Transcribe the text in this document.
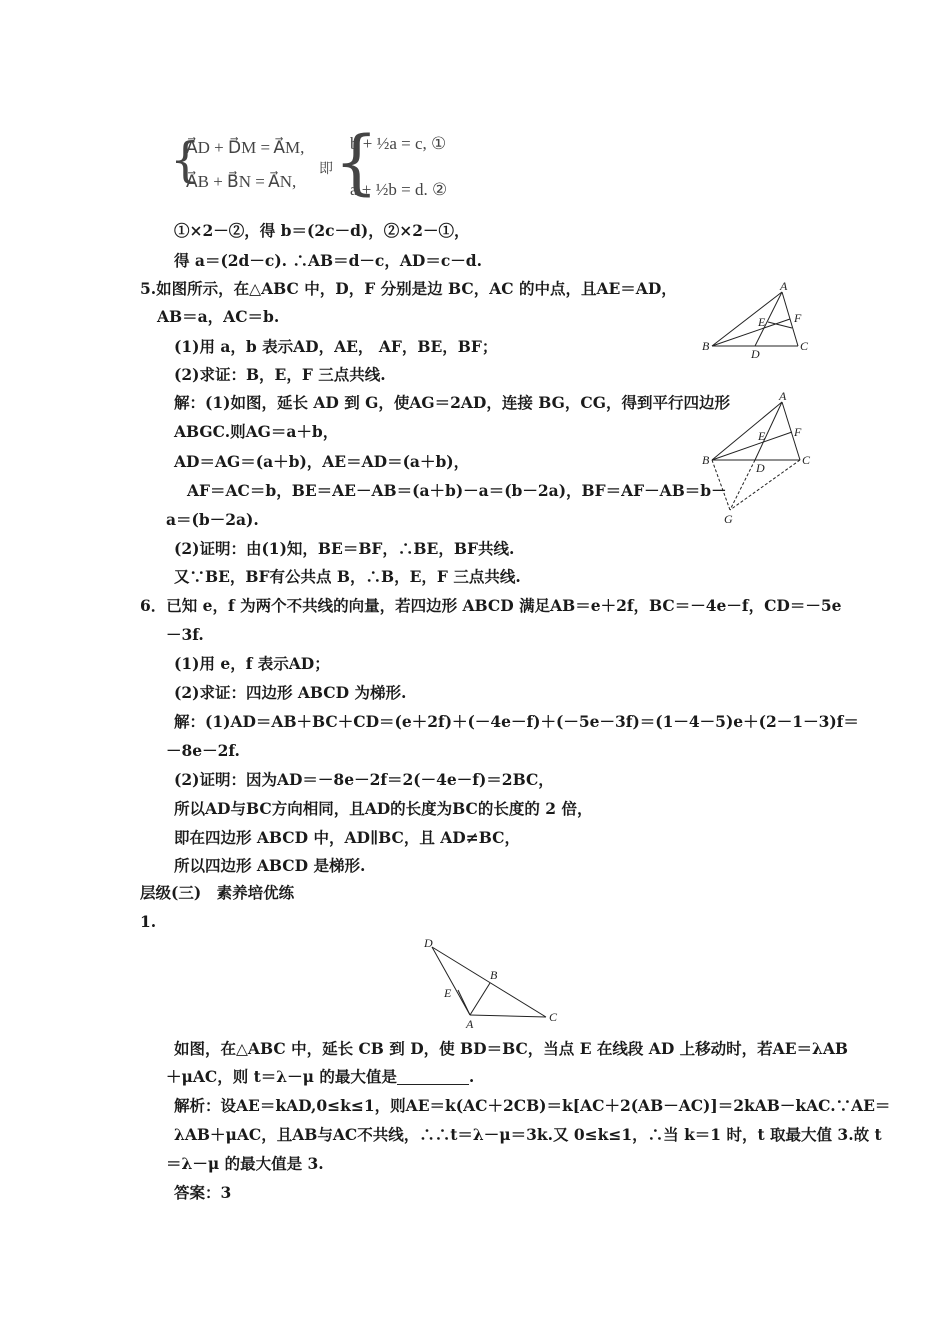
{
A⃗D + D⃗M = A⃗M,
A⃗B + B⃗N = A⃗N,
即 {
b + ½a = c, ①
a + ½b = d. ②
①×2－②，得 b＝(2c－d)，②×2－①，
得 a＝(2d－c). ∴AB＝d－c，AD＝c－d.
5.如图所示，在△ABC 中，D，F 分别是边 BC，AC 的中点，且AE＝AD，
AB＝a，AC＝b.
(1)用 a，b 表示AD，AE， AF，BE，BF；
(2)求证：B，E，F 三点共线.
解：(1)如图，延长 AD 到 G，使AG＝2AD，连接 BG，CG，得到平行四边形
ABGC.则AG＝a＋b，
AD＝AG＝(a＋b)，AE＝AD＝(a＋b)，
AF＝AC＝b，BE＝AE－AB＝(a＋b)－a＝(b－2a)，BF＝AF－AB＝b－
a＝(b－2a).
(2)证明：由(1)知，BE＝BF，∴BE，BF共线.
又∵BE，BF有公共点 B，∴B，E，F 三点共线.
A
E F
B
D
C
A
E F
B
D
C
G
6．已知 e，f 为两个不共线的向量，若四边形 ABCD 满足AB＝e＋2f，BC＝－4e－f，CD＝－5e
－3f.
(1)用 e，f 表示AD；
(2)求证：四边形 ABCD 为梯形.
解：(1)AD＝AB＋BC＋CD＝(e＋2f)＋(－4e－f)＋(－5e－3f)＝(1－4－5)e＋(2－1－3)f＝
－8e－2f.
(2)证明：因为AD＝－8e－2f＝2(－4e－f)＝2BC，
所以AD与BC方向相同，且AD的长度为BC的长度的 2 倍，
即在四边形 ABCD 中，AD∥BC，且 AD≠BC，
所以四边形 ABCD 是梯形.
层级(三)　素养培优练
1.
D
B
E
A	C
如图，在△ABC 中，延长 CB 到 D，使 BD＝BC，当点 E 在线段 AD 上移动时，若AE＝λAB
＋μAC，则 t＝λ－μ 的最大值是	.
解析：设AE＝kAD,0≤k≤1，则AE＝k(AC＋2CB)＝k[AC＋2(AB－AC)]＝2kAB－kAC.∵AE＝
λAB＋μAC，且AB与AC不共线，∴∴t＝λ－μ＝3k.又 0≤k≤1，∴当 k＝1 时，t 取最大值 3.故 t
＝λ－μ 的最大值是 3.
答案：3
